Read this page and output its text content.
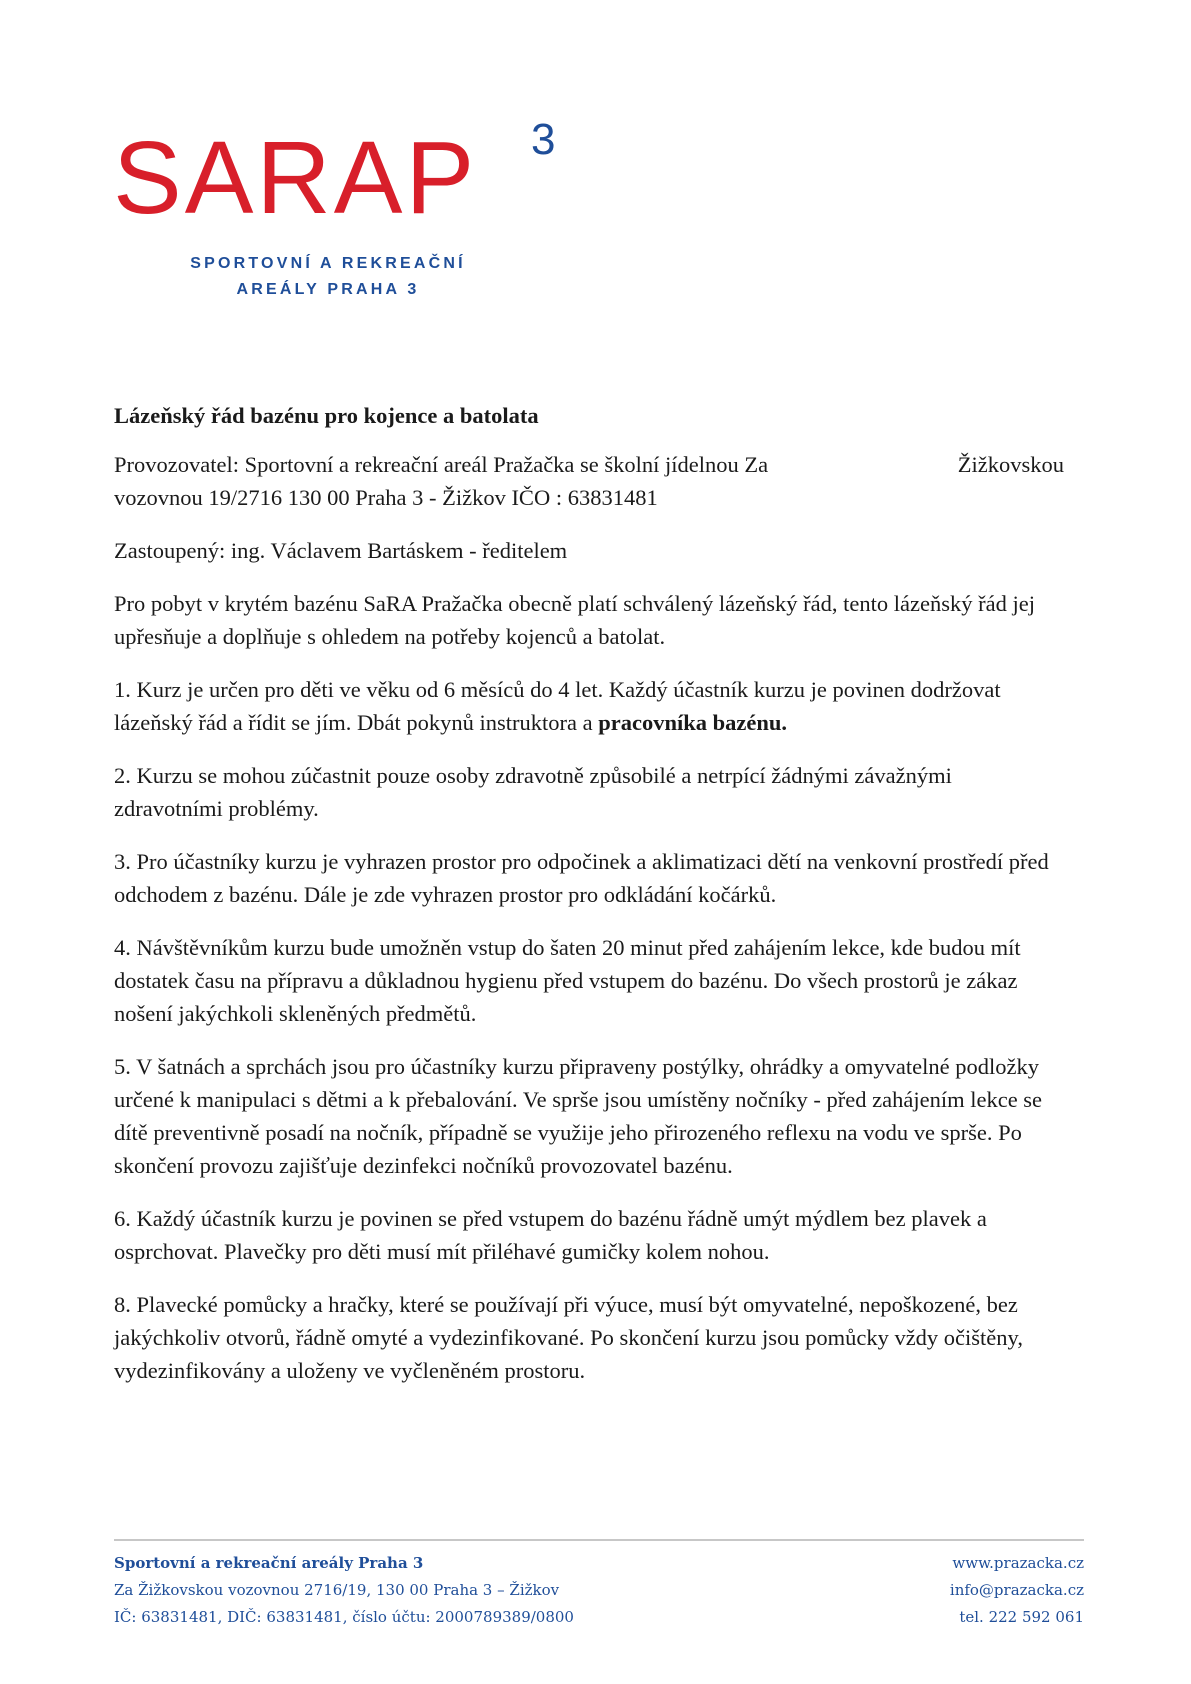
SARAP 3
SPORTOVNÍ A REKREAČNÍ
AREÁLY PRAHA 3
Lázeňský řád bazénu pro kojence a batolata
Provozovatel: Sportovní a rekreační areál Pražačka se školní jídelnou Za	Žižkovskou
vozovnou 19/2716 130 00 Praha 3 - Žižkov IČO : 63831481
Zastoupený: ing. Václavem Bartáskem - ředitelem
Pro pobyt v krytém bazénu SaRA Pražačka obecně platí schválený lázeňský řád, tento lázeňský řád jej upřesňuje a doplňuje s ohledem na potřeby kojenců a batolat.
1. Kurz je určen pro děti ve věku od 6 měsíců do 4 let. Každý účastník kurzu je povinen dodržovat lázeňský řád a řídit se jím. Dbát pokynů instruktora a pracovníka bazénu.
2. Kurzu se mohou zúčastnit pouze osoby zdravotně způsobilé a netrpící žádnými závažnými zdravotními problémy.
3. Pro účastníky kurzu je vyhrazen prostor pro odpočinek a aklimatizaci dětí na venkovní prostředí před odchodem z bazénu. Dále je zde vyhrazen prostor pro odkládání kočárků.
4. Návštěvníkům kurzu bude umožněn vstup do šaten 20 minut před zahájením lekce, kde budou mít dostatek času na přípravu a důkladnou hygienu před vstupem do bazénu. Do všech prostorů je zákaz nošení jakýchkoli skleněných předmětů.
5. V šatnách a sprchách jsou pro účastníky kurzu připraveny postýlky, ohrádky a omyvatelné podložky určené k manipulaci s dětmi a k přebalování. Ve sprše jsou umístěny nočníky - před zahájením lekce se dítě preventivně posadí na nočník, případně se využije jeho přirozeného reflexu na vodu ve sprše. Po skončení provozu zajišťuje dezinfekci nočníků provozovatel bazénu.
6. Každý účastník kurzu je povinen se před vstupem do bazénu řádně umýt mýdlem bez plavek a osprchovat. Plavečky pro děti musí mít přiléhavé gumičky kolem nohou.
8. Plavecké pomůcky a hračky, které se používají při výuce, musí být omyvatelné, nepoškozené, bez jakýchkoliv otvorů, řádně omyté a vydezinfikované. Po skončení kurzu jsou pomůcky vždy očištěny, vydezinfikovány a uloženy ve vyčleněném prostoru.
Sportovní a rekreační areály Praha 3	www.prazacka.cz
Za Žižkovskou vozovnou 2716/19, 130 00 Praha 3 – Žižkov	info@prazacka.cz
IČ: 63831481, DIČ: 63831481, číslo účtu: 2000789389/0800	tel. 222 592 061
